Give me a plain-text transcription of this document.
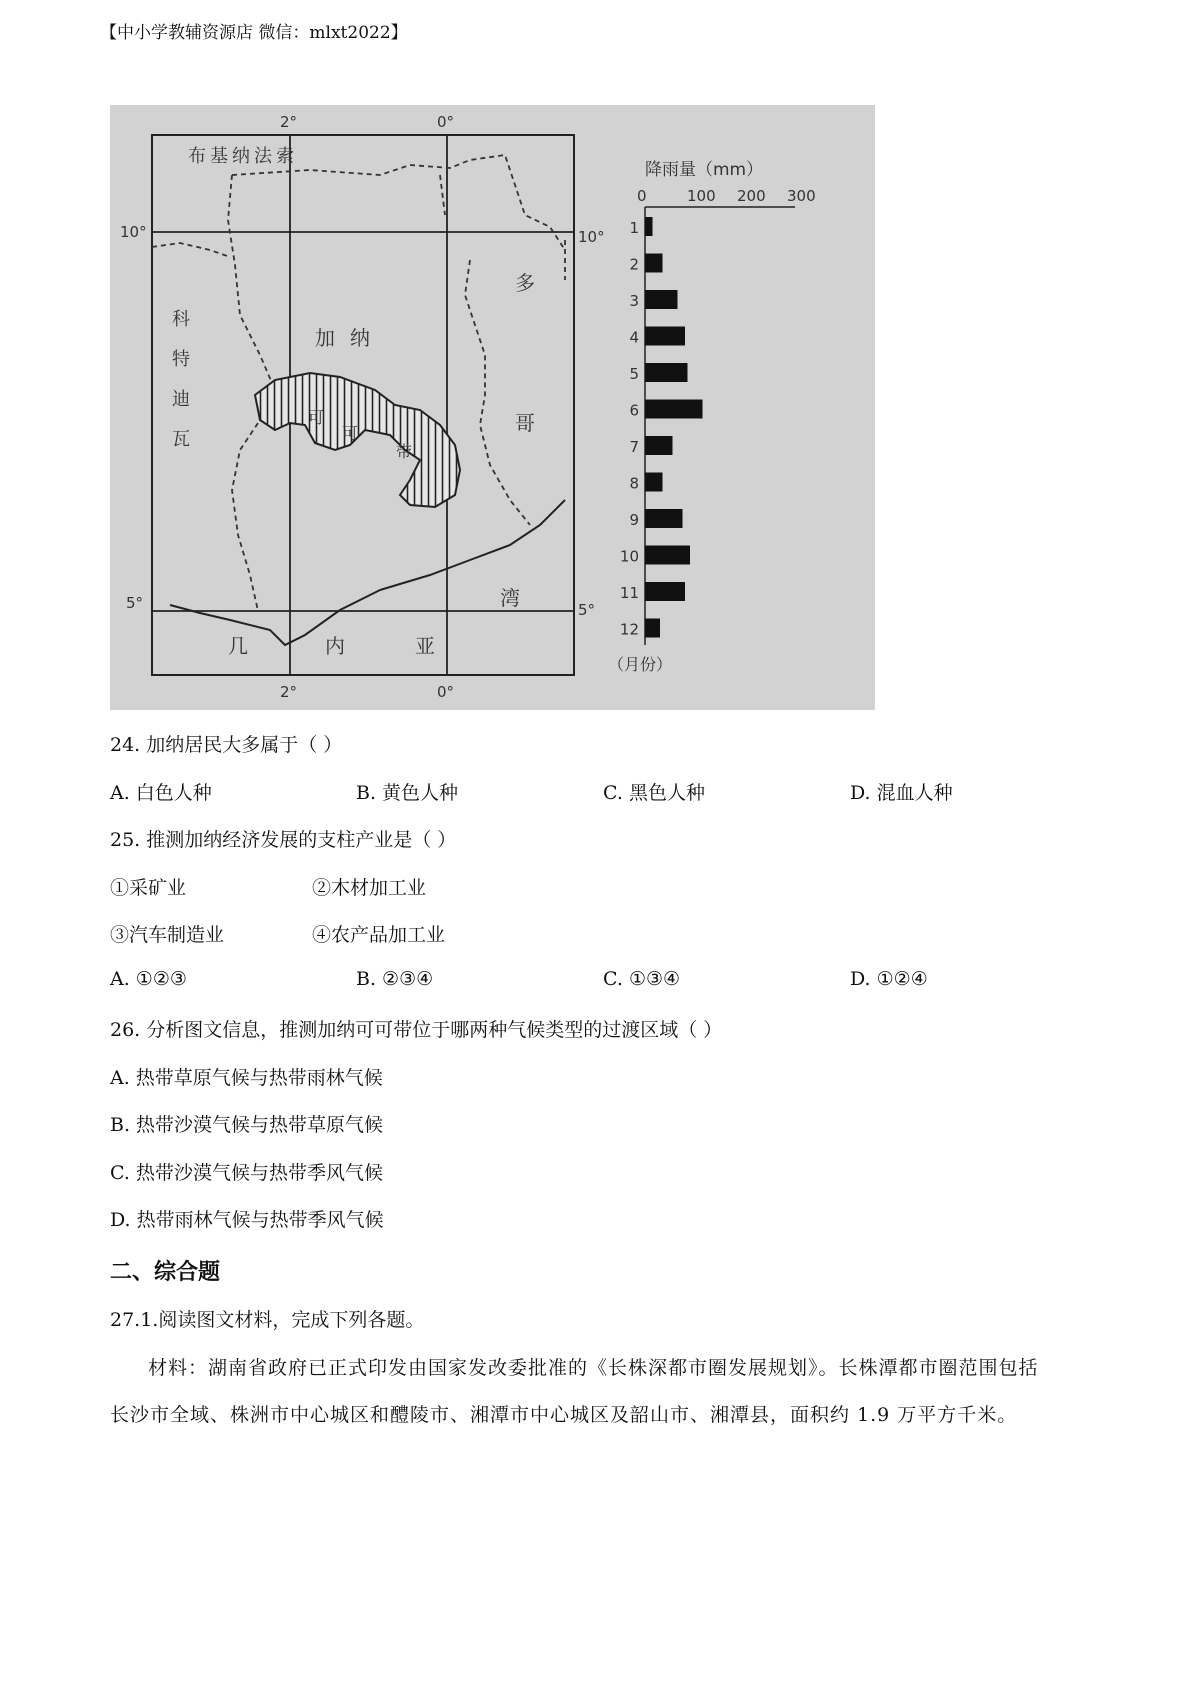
【中小学教辅资源店 微信：mlxt2022】
2°	0°
2°	0°
10°
5°
10°
5°
布基纳法索
加 纳
科
特
迪
瓦
多
哥
湾
几	内	亚
可
可
带
降雨量（mm）
0	100 200 300
1
2
3
4
5
6
7
8
9
10
11
12
（月份）
24. 加纳居民大多属于（ ）
A. 白色人种	B. 黄色人种	C. 黑色人种	D. 混血人种
25. 推测加纳经济发展的支柱产业是（ ）
①采矿业	②木材加工业
③汽车制造业	④农产品加工业
A. ①②③	B. ②③④	C. ①③④	D. ①②④
26. 分析图文信息，推测加纳可可带位于哪两种气候类型的过渡区域（ ）
A. 热带草原气候与热带雨林气候
B. 热带沙漠气候与热带草原气候
C. 热带沙漠气候与热带季风气候
D. 热带雨林气候与热带季风气候
二、综合题
27.1.阅读图文材料，完成下列各题。
材料：湖南省政府已正式印发由国家发改委批准的《长株深都市圈发展规划》。长株潭都市圈范围包括
长沙市全域、株洲市中心城区和醴陵市、湘潭市中心城区及韶山市、湘潭县，面积约 1.9 万平方千米。
